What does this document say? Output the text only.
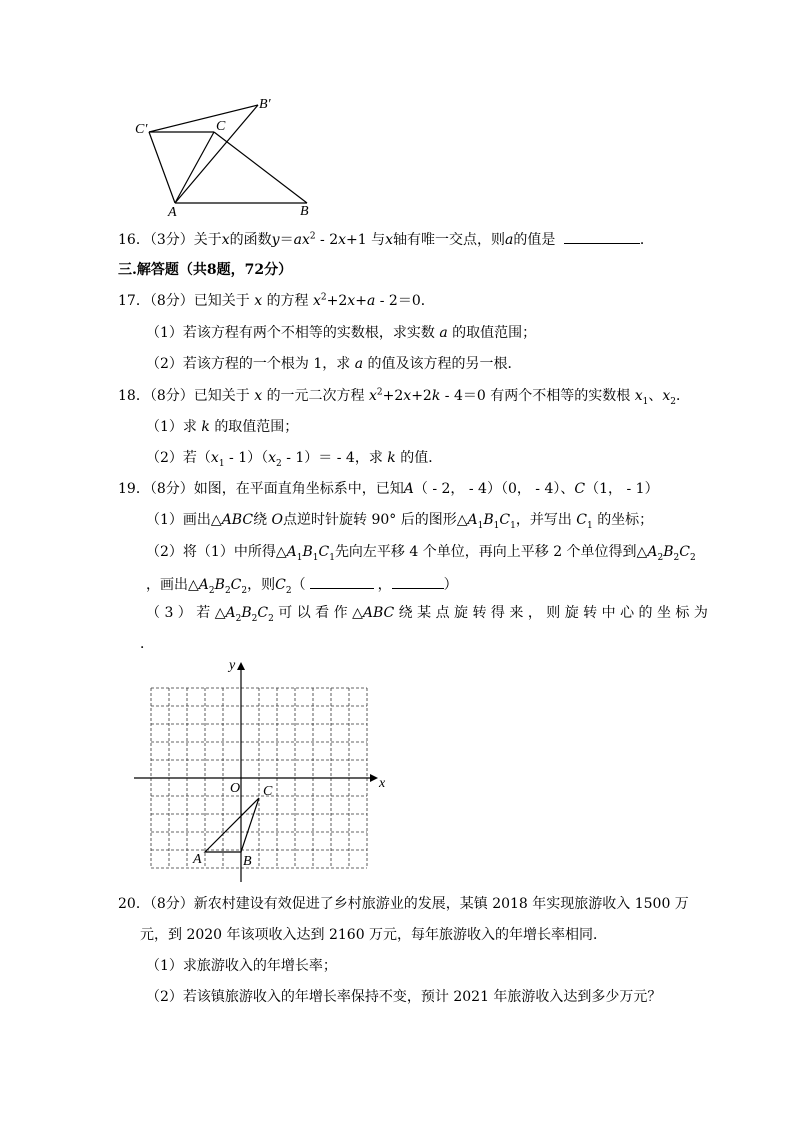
C′	C
B′
A	B
16．（3分）关于x的函数$y=ax^2 - 2x+1$ 与x轴有唯一交点，则a的值是	．
三.解答题（共8题，72分）
17．（8分）已知关于 x 的方程 $x^2+2x+a - 2=0$．
（1）若该方程有两个不相等的实数根，求实数 a 的取值范围；
（2）若该方程的一个根为 1，求 a 的值及该方程的另一根．
18．（8分）已知关于 x 的一元二次方程 $x^2+2x+2k - 4=0$ 有两个不相等的实数根 $x_1$、$x_2$．
（1）求 k 的取值范围；
（2）若$(x_1 - 1)(x_2 - 1)= - 4$，求 k 的值．
19．（8分）如图，在平面直角坐标系中，已知A（ - 2， - 4）（0， - 4）、C（1， - 1）
（1）画出△ABC绕 O点逆时针旋转 90° 后的图形$\triangle A_1B_1C_1$，并写出 $C_1$ 的坐标；
（2）将（1）中所得$\triangle A_1B_1C_1$先向左平移 4 个单位，再向上平移 2 个单位得到$\triangle A_2B_2C_2$
，画出$\triangle A_2B_2C_2$，则$C_2$（	，	）
（ 3 ） 若 $\triangle A_2B_2C_2$ 可 以 看 作 △ABC 绕 某 点 旋 转 得 来 ， 则 旋 转 中 心 的 坐 标 为
．
y
x
O C
A	B
20．（8分）新农村建设有效促进了乡村旅游业的发展，某镇 2018 年实现旅游收入 1500 万
元，到 2020 年该项收入达到 2160 万元，每年旅游收入的年增长率相同．
（1）求旅游收入的年增长率；
（2）若该镇旅游收入的年增长率保持不变，预计 2021 年旅游收入达到多少万元？
